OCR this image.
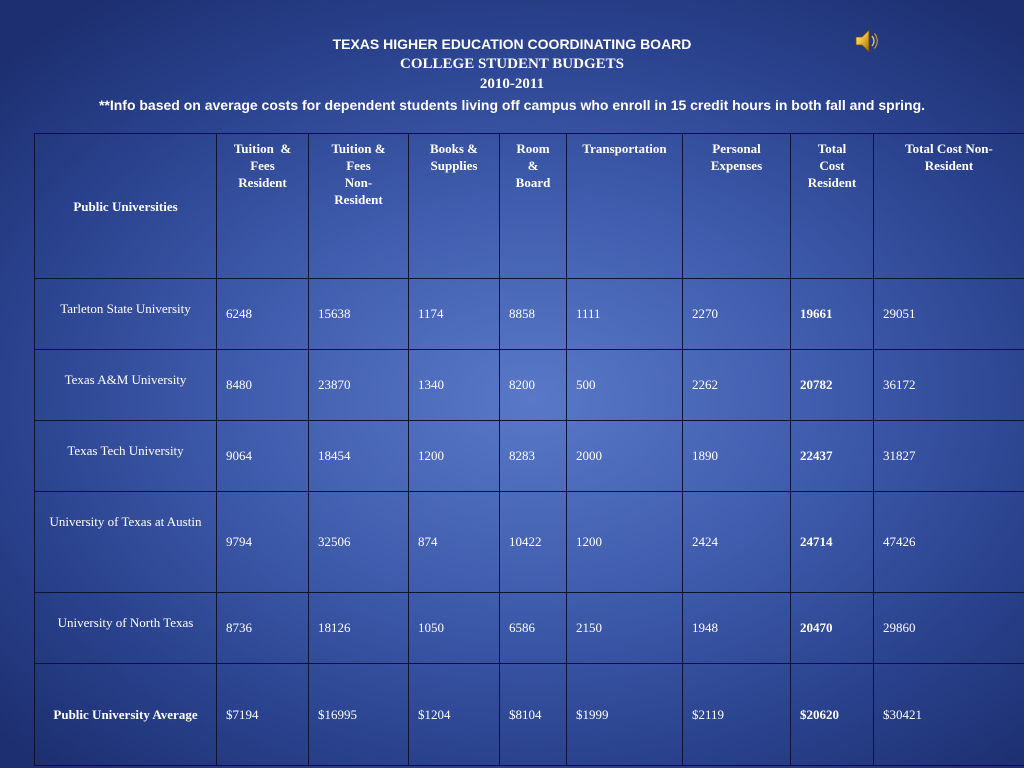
TEXAS HIGHER EDUCATION COORDINATING BOARD
COLLEGE STUDENT BUDGETS
2010-2011
**Info based on average costs for dependent students living off campus who enroll in 15 credit hours in both fall and spring.
Public Universities	Tuition  &
Fees
Resident	Tuition &
Fees
Non-
Resident	Books &
Supplies	Room
&
Board	Transportation	Personal
Expenses	Total
Cost
Resident	Total Cost Non-
Resident
Tarleton State University	6248	15638	1174	8858	1111	2270	19661	29051
Texas A&M University	8480	23870	1340	8200	500	2262	20782	36172
Texas Tech University	9064	18454	1200	8283	2000	1890	22437	31827
University of Texas at Austin	9794	32506	874	10422	1200	2424	24714	47426
University of North Texas	8736	18126	1050	6586	2150	1948	20470	29860
Public University Average	$7194	$16995	$1204	$8104	$1999	$2119	$20620	$30421
